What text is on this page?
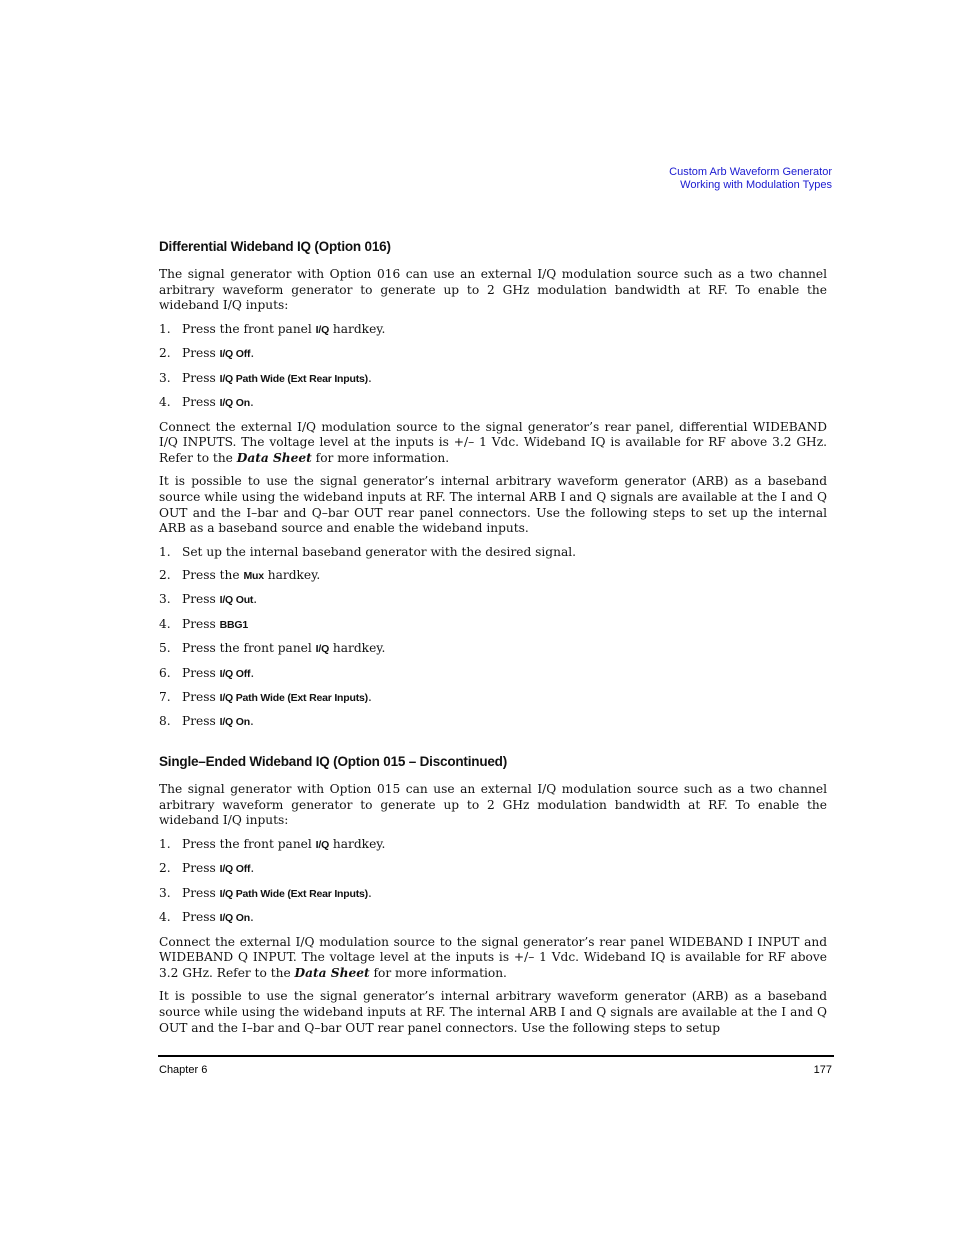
Custom Arb Waveform Generator
Working with Modulation Types
Differential Wideband IQ (Option 016)

The signal generator with Option 016 can use an external I/Q modulation source such as a two channel arbitrary waveform generator to generate up to 2 GHz modulation bandwidth at RF. To enable the wideband I/Q inputs:

1. Press the front panel I/Q hardkey.
2. Press I/Q Off.
3. Press I/Q Path Wide (Ext Rear Inputs).
4. Press I/Q On.

Connect the external I/Q modulation source to the signal generator’s rear panel, differential WIDEBAND I/Q INPUTS. The voltage level at the inputs is +/– 1 Vdc. Wideband IQ is available for RF above 3.2 GHz. Refer to the Data Sheet for more information.

It is possible to use the signal generator’s internal arbitrary waveform generator (ARB) as a baseband source while using the wideband inputs at RF. The internal ARB I and Q signals are available at the I and Q OUT and the I–bar and Q–bar OUT rear panel connectors. Use the following steps to set up the internal ARB as a baseband source and enable the wideband inputs.

1. Set up the internal baseband generator with the desired signal.
2. Press the Mux hardkey.
3. Press I/Q Out.
4. Press BBG1
5. Press the front panel I/Q hardkey.
6. Press I/Q Off.
7. Press I/Q Path Wide (Ext Rear Inputs).
8. Press I/Q On.
Single–Ended Wideband IQ (Option 015 – Discontinued)

The signal generator with Option 015 can use an external I/Q modulation source such as a two channel arbitrary waveform generator to generate up to 2 GHz modulation bandwidth at RF. To enable the wideband I/Q inputs:

1. Press the front panel I/Q hardkey.
2. Press I/Q Off.
3. Press I/Q Path Wide (Ext Rear Inputs).
4. Press I/Q On.

Connect the external I/Q modulation source to the signal generator’s rear panel WIDEBAND I INPUT and WIDEBAND Q INPUT. The voltage level at the inputs is +/– 1 Vdc. Wideband IQ is available for RF above 3.2 GHz. Refer to the Data Sheet for more information.

It is possible to use the signal generator’s internal arbitrary waveform generator (ARB) as a baseband source while using the wideband inputs at RF. The internal ARB I and Q signals are available at the I and Q OUT and the I–bar and Q–bar OUT rear panel connectors. Use the following steps to setup

Chapter 6	177
